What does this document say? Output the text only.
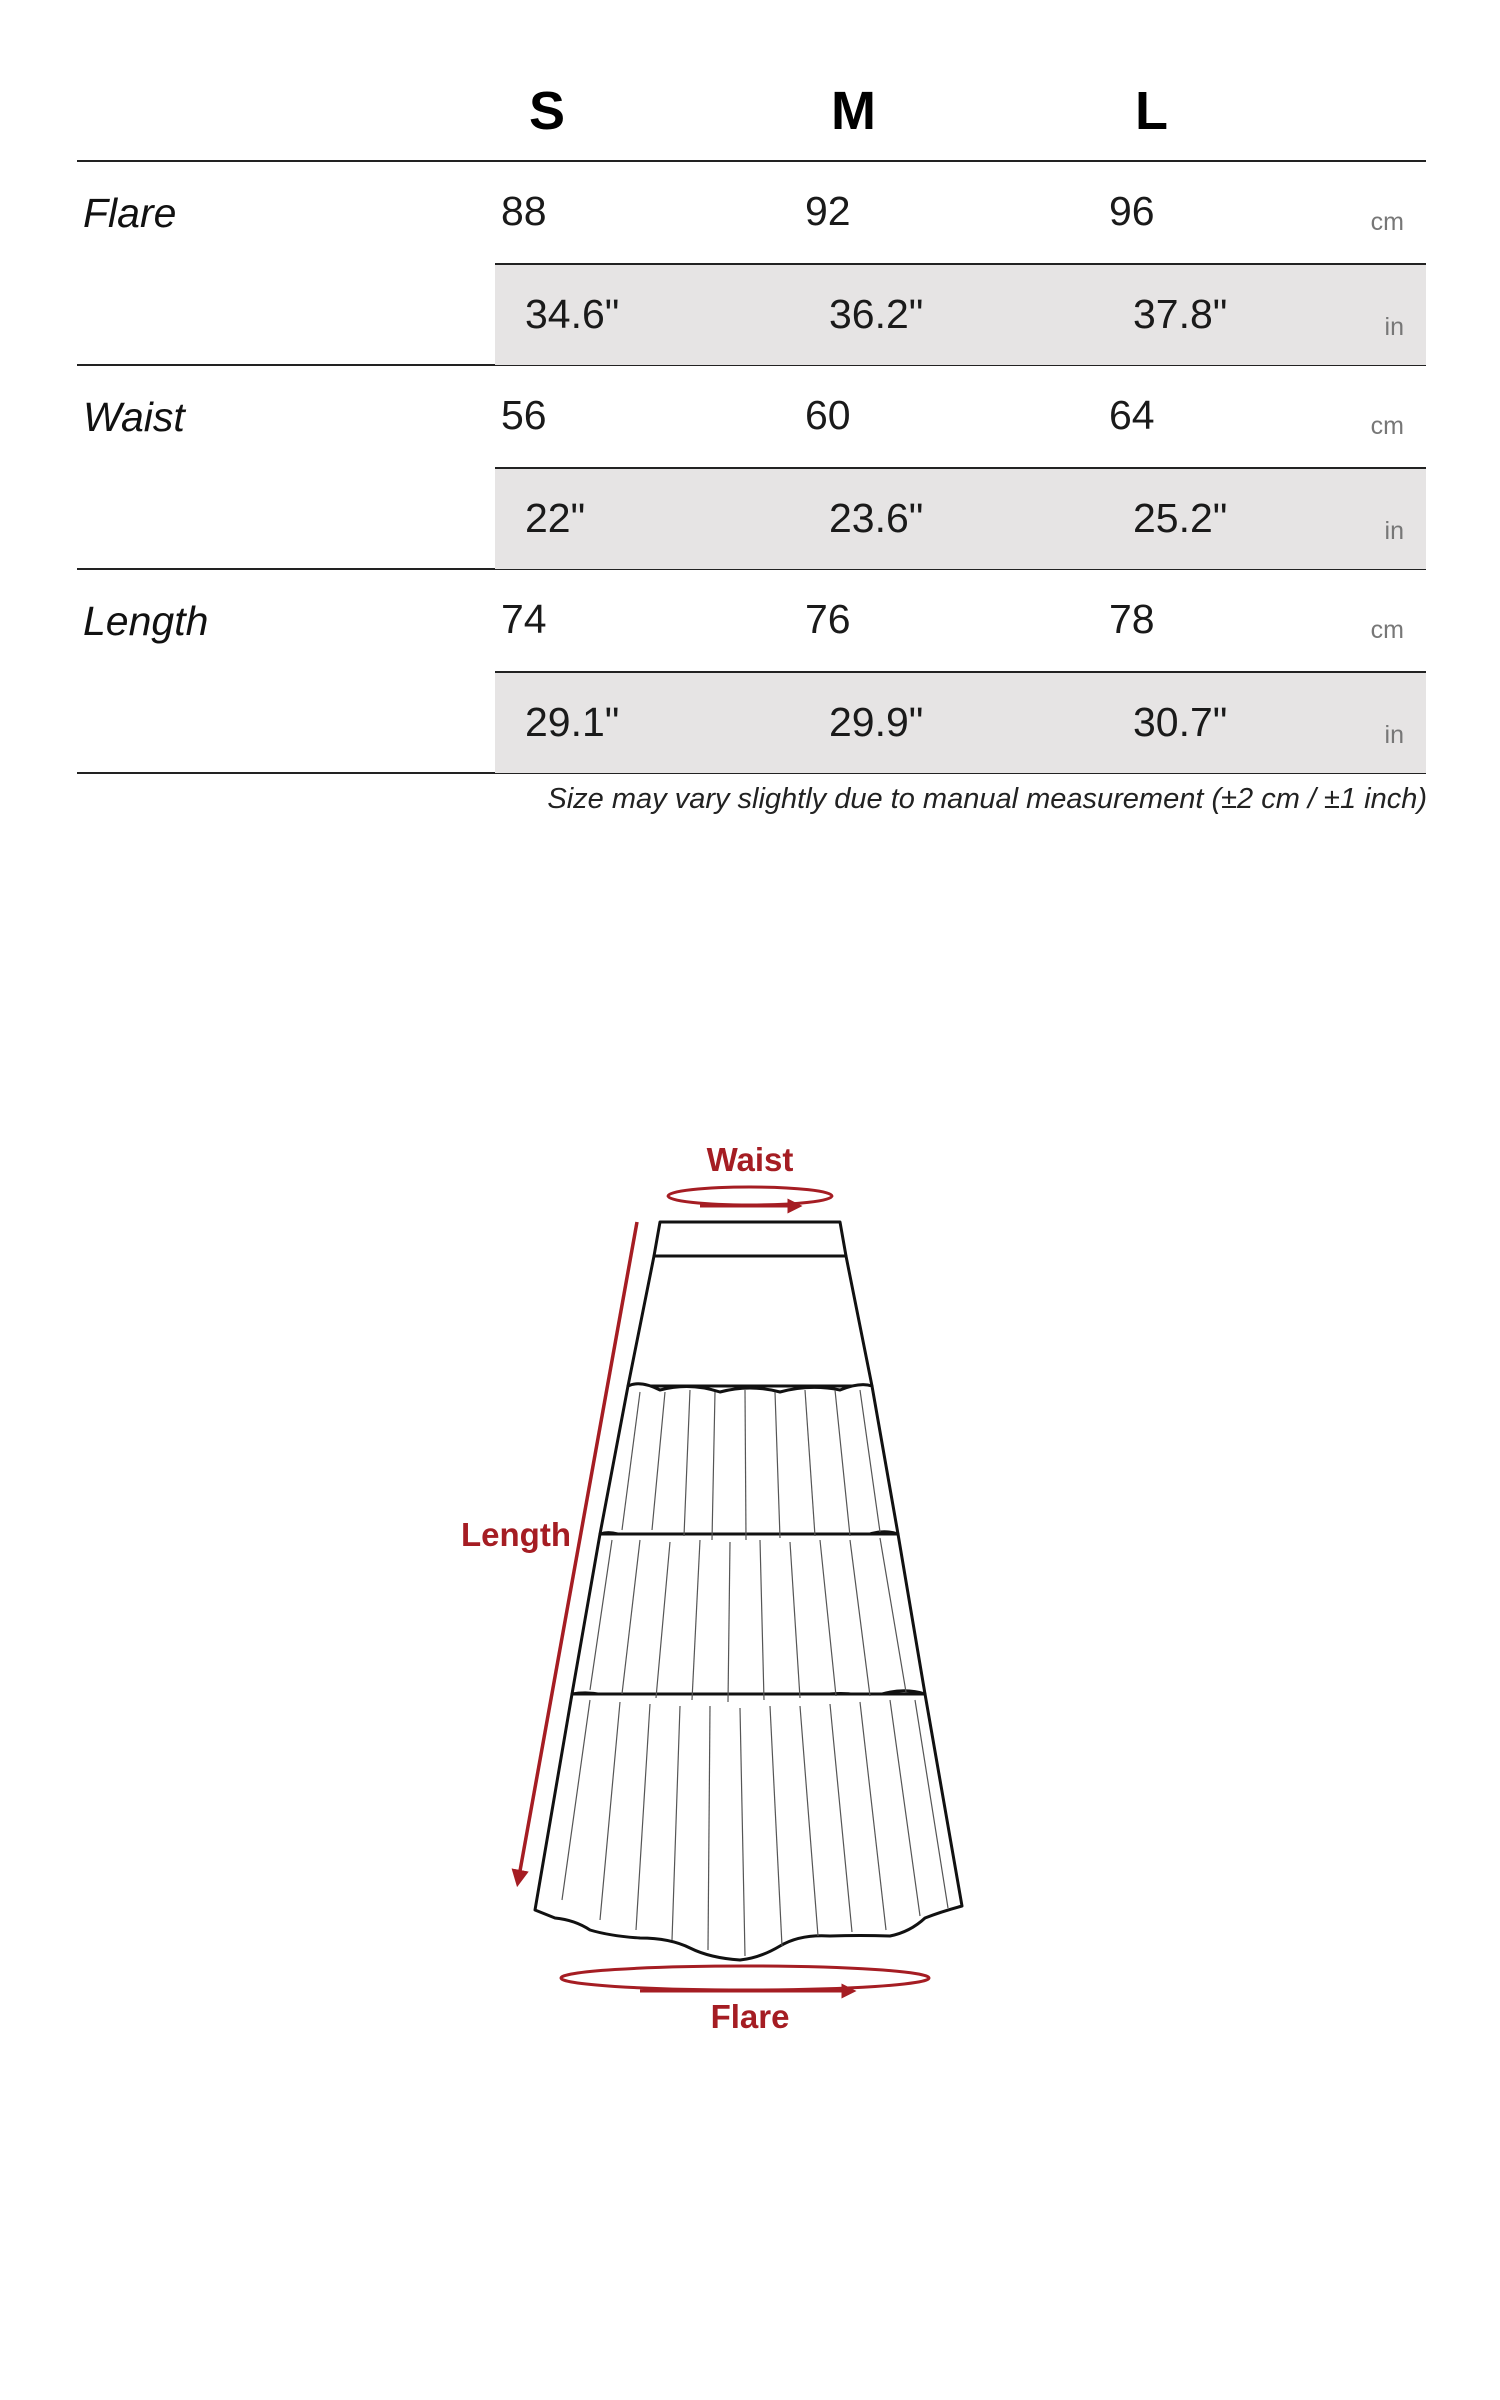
S	M	L
Flare	88	92	96	cm
34.6"	36.2"	37.8"	in
Waist	56	60	64	cm
22"	23.6"	25.2"	in
Length	74	76	78	cm
29.1"	29.9"	30.7"	in
Size may vary slightly due to manual measurement (±2 cm / ±1 inch)
Waist
Length
Flare
